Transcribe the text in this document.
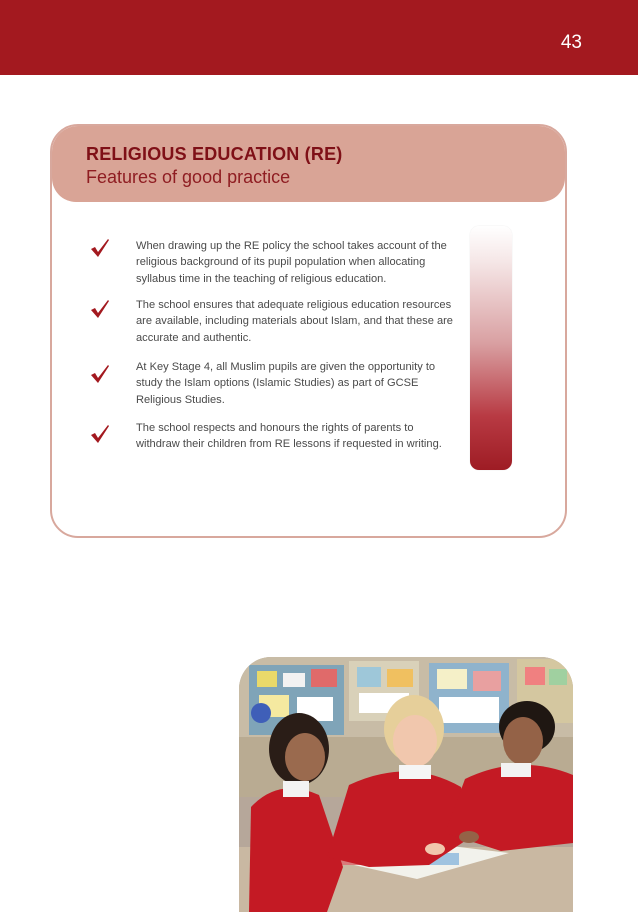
43
RELIGIOUS EDUCATION (RE)
Features of good practice
When drawing up the RE policy the school takes account of the religious background of its pupil population when allocating syllabus time in the teaching of religious education.
The school ensures that adequate religious education resources are available, including materials about Islam, and that these are accurate and authentic.
At Key Stage 4, all Muslim pupils are given the opportunity to study the Islam options (Islamic Studies) as part of GCSE Religious Studies.
The school respects and honours the rights of parents to withdraw their children from RE lessons if requested in writing.
